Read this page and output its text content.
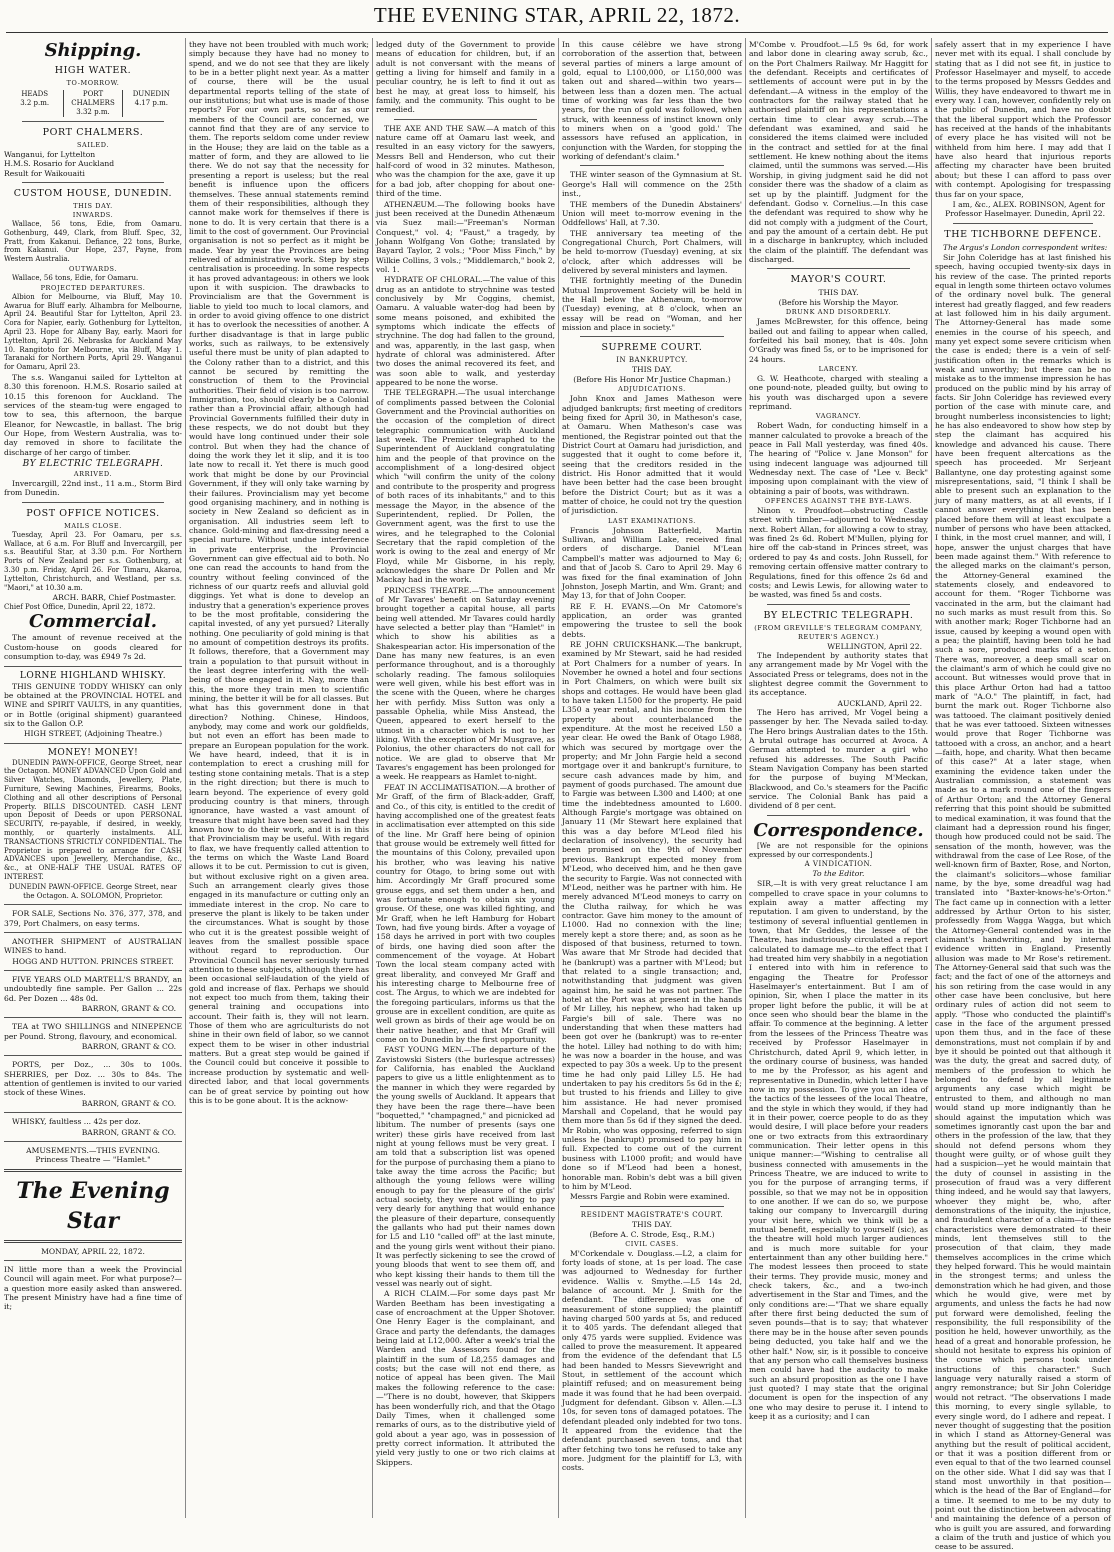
THE EVENING STAR, APRIL 22, 1872.
Shipping.
HIGH WATER.
TO-MORROW.
HEADS
3.2 p.m.
PORT CHALMERS
3.32 p.m.
DUNEDIN
4.17 p.m.
PORT CHALMERS.
SAILED.
Wanganui, for Lyttelton
H.M.S. Rosario for Auckland
Result for Waikouaiti
CUSTOM HOUSE, DUNEDIN.
THIS DAY.
INWARDS.
Wallace, 56 tons, Edie, from Oamaru. Gothenburg, 449, Clark, from Bluff. Spec, 32, Pratt, from Kakanui. Defiance, 22 tons, Burke, from Kakanui. Our Hope, 237, Payne, from Western Australia.
OUTWARDS.
Wallace, 56 tons, Edie, for Oamaru.
PROJECTED DEPARTURES.
Albion for Melbourne, via Bluff, May 10. Awarua for Bluff early. Alhambra for Melbourne, April 24. Beautiful Star for Lyttelton, April 23. Cora for Napier, early. Gothenburg for Lyttelton, April 23. Hope for Albany Bay, early. Maori for Lyttelton, April 26. Nebraska for Auckland May 10. Rangitoto for Melbourne, via Bluff, May 1. Taranaki for Northern Ports, April 29. Wanganui for Oamaru, April 23.
The s.s. Wanganui sailed for Lyttelton at 8.30 this forenoon. H.M.S. Rosario sailed at 10.15 this forenoon for Auckland. The services of the steam-tug were engaged to tow to sea, this afternoon, the barque Eleanor, for Newcastle, in ballast. The brig Our Hope, from Western Australia, was to-day removed in shore to facilitate the discharge of her cargo of timber.
BY ELECTRIC TELEGRAPH.
ARRIVED.
Invercargill, 22nd inst., 11 a.m., Storm Bird from Dunedin.
POST OFFICE NOTICES.
MAILS CLOSE.
Tuesday, April 23. For Oamaru, per s.s. Wallace, at 6 a.m. For Bluff and Invercargill, per s.s. Beautiful Star, at 3.30 p.m. For Northern Ports of New Zealand per s.s. Gothenburg, at 3.30 p.m. Friday, April 26. For Timaru, Akaroa, Lyttelton, Christchurch, and Westland, per s.s. "Maori," at 10.30 a.m.
ARCH. BARR, Chief Postmaster.
Chief Post Office, Dunedin, April 22, 1872.
Commercial.
The amount of revenue received at the Custom-house on goods cleared for consumption to-day, was £949 7s 2d.
LORNE HIGHLAND WHISKY.
THIS GENUINE TODDY WHISKY can only be obtained at the PROVINCIAL HOTEL and WINE and SPIRIT VAULTS, in any quantities, or in Bottle (original shipment) guaranteed six to the Gallon O.P.
HIGH STREET, (Adjoining Theatre.)
MONEY! MONEY!
DUNEDIN PAWN-OFFICE, George Street, near the Octagon. MONEY ADVANCED Upon Gold and Silver Watches, Diamonds, Jewellery, Plate, Furniture, Sewing Machines, Firearms, Books, Clothing and all other descriptions of Personal Property. BILLS DISCOUNTED. CASH LENT upon Deposit of Deeds or upon PERSONAL SECURITY, re-payable, if desired, in weekly, monthly, or quarterly instalments. ALL TRANSACTIONS STRICTLY CONFIDENTIAL. The Proprietor is prepared to arrange for CASH ADVANCES upon Jewellery, Merchandise, &c., &c., at ONE-HALF THE USUAL RATES OF INTEREST.
DUNEDIN PAWN-OFFICE. George Street, near the Octagon. A. SOLOMON, Proprietor.
FOR SALE, Sections No. 376, 377, 378, and 379, Port Chalmers, on easy terms.
ANOTHER SHIPMENT of AUSTRALIAN WINES to hand.
HOGG AND HUTTON. PRINCES STREET.
FIVE YEARS OLD MARTELL'S BRANDY, an undoubtedly fine sample. Per Gallon ... 22s 6d. Per Dozen ... 48s 0d.
BARRON, GRANT & CO.
TEA at TWO SHILLINGS and NINEPENCE per Pound. Strong, flavoury, and economical.
BARRON, GRANT & CO.
PORTS, per Doz., ... 30s to 100s. SHERRIES, per Doz. ... 30s to 84s. The attention of gentlemen is invited to our varied stock of these Wines.
BARRON, GRANT & CO.
WHISKY, faultless ... 42s per doz.
BARRON, GRANT & CO.
AMUSEMENTS.—THIS EVENING.
Princess Theatre — "Hamlet."
The Evening Star
MONDAY, APRIL 22, 1872.
IN little more than a week the Provincial Council will again meet. For what purpose?—a question more easily asked than answered. The present Ministry have had a fine time of it;
they have not been troubled with much work; simply because they have had no money to spend, and we do not see that they are likely to be in a better plight next year. As a matter of course, there will be the usual departmental reports telling of the state of our institutions; but what use is made of those reports? For our own parts, so far as our members of the Council are concerned, we cannot find that they are of any service to them. The reports seldom come under review in the House; they are laid on the table as a matter of form, and they are allowed to lie there. We do not say that the necessity for presenting a report is useless; but the real benefit is influence upon the officers themselves. These annual statements remind them of their responsibilities, although they cannot make work for themselves if there is none to do. It is very certain that there is a limit to the cost of government. Our Provincial organisation is not so perfect as it might be made. Year by year the Provinces are being relieved of administrative work. Step by step centralisation is proceeding. In some respects it has proved advantageous: in others we look upon it with suspicion. The drawbacks to Provincialism are that the Government is liable to yield too much to local clamors, and in order to avoid giving offence to one district it has to overlook the necessities of another. A further disadvantage is that in large public works, such as railways, to be extensively useful there must be unity of plan adapted to the Colony rather than to a district, and this cannot be secured by remitting the construction of them to the Provincial authorities. Their field of vision is too narrow. Immigration, too, should clearly be a Colonial rather than a Provincial affair, although had Provincial Governments fulfilled their duty in these respects, we do not doubt but they would have long continued under their sole control. But when they had the chance of doing the work they let it slip, and it is too late now to recall it. Yet there is much good work that might be done by our Provincial Government, if they will only take warning by their failures. Provincialism may yet become good organising machinery, and in nothing is society in New Zealand so deficient as in organisation. All industries seem left to chance. Gold-mining and flax-dressing need a special nurture. Without undue interference in private enterprise, the Provincial Government can give effectual aid to both. No one can read the accounts to hand from the country without feeling convinced of the richness of our quartz reefs and alluvial gold diggings. Yet what is done to develop an industry that a generation's experience proves to be the most profitable, considering the capital invested, of any yet pursued? Literally nothing. One peculiarity of gold mining is that no amount of competition destroys its profits. It follows, therefore, that a Government may train a population to that pursuit without in the least degree interfering with the well-being of those engaged in it. Nay, more than this, the more they train men to scientific mining, the better it will be for all classes. But what has this government done in that direction? Nothing. Chinese, Hindoos, anybody, may come and work our goldfields, but not even an effort has been made to prepare an European population for the work. We have heard, indeed, that it is in contemplation to erect a crushing mill for testing stone containing metals. That is a step in the right direction; but there is much to learn beyond. The experience of every gold producing country is that miners, through ignorance, have wasted a vast amount of treasure that might have been saved had they known how to do their work, and it is in this that Provincialism may be useful. With regard to flax, we have frequently called attention to the terms on which the Waste Land Board allows it to be cut. Permission to cut is given, but without exclusive right on a given area. Such an arrangement clearly gives those engaged in its manufacture or cutting only an immediate interest in the crop. No care to preserve the plant is likely to be taken under the circumstances. What is sought by those who cut it is the greatest possible weight of leaves from the smallest possible space without regard to reproduction. Our Provincial Council has never seriously turned attention to these subjects, although there has been occasional self-laudation of the yield of gold and increase of flax. Perhaps we should not expect too much from them, taking their general training and occupations into account. Their faith is, they will not learn. Those of them who are agriculturists do not shine in their own field of labor, so we cannot expect them to be wiser in other industrial matters. But a great step would be gained if the Council could but conceive it possible to increase production by systematic and well-directed labor, and that local governments can be of great service by pointing out how this is to be gone about. It is the acknow-
ledged duty of the Government to provide means of education for children, but, if an adult is not conversant with the means of getting a living for himself and family in a peculiar country, he is left to find it out as best he may, at great loss to himself, his family, and the community. This ought to be remedied.
THE AXE AND THE SAW.—A match of this nature came off at Oamaru last week, and resulted in an easy victory for the sawyers, Messrs Bell and Henderson, who cut their half-cord of wood in 32 minutes. Matheson, who was the champion for the axe, gave it up for a bad job, after chopping for about one-third of the time.
ATHENÆUM.—The following books have just been received at the Dunedin Athenæum via Suez mail:—"Freeman's Norman Conquest," vol. 4; "Faust," a tragedy, by Johann Wolfgang Von Gothe; translated by Bayard Taylor, 2 vols.; "Poor Miss Finch," by Wilkie Collins, 3 vols.; "Middlemarch," book 2, vol. 1.
HYDRATE OF CHLORAL.—The value of this drug as an antidote to strychnine was tested conclusively by Mr Coggins, chemist, Oamaru. A valuable water-dog had been by some means poisoned, and exhibited the symptoms which indicate the effects of strychnine. The dog had fallen to the ground, and was, apparently, in the last gasp, when hydrate of chloral was administered. After two doses the animal recovered its feet, and was soon able to walk, and yesterday appeared to be none the worse.
THE TELEGRAPH.—The usual interchange of compliments passed between the Colonial Government and the Provincial authorities on the occasion of the completion of direct telegraphic communication with Auckland last week. The Premier telegraphed to the Superintendent of Auckland congratulating him and the people of that province on the accomplishment of a long-desired object which "will confirm the unity of the colony and contribute to the prosperity and progress of both races of its inhabitants," and to this message the Mayor, in the absence of the Superintendent, replied. Dr Pollen, the Government agent, was the first to use the wires, and he telegraphed to the Colonial Secretary that the rapid completion of the work is owing to the zeal and energy of Mr Floyd, while Mr Gisborne, in his reply, acknowledges the share Dr Pollen and Mr Mackay had in the work.
PRINCESS THEATRE.—The announcement of Mr Tavares' benefit on Saturday evening brought together a capital house, all parts being well attended. Mr Tavares could hardly have selected a better play than "Hamlet" in which to show his abilities as a Shakespearian actor. His impersonation of the Dane has many new features, is an even performance throughout, and is a thoroughly scholarly reading. The famous soliloquies were well given, while his best effort was in the scene with the Queen, where he charges her with perfidy. Miss Sutton was only a passable Ophelia, while Miss Anstead, the Queen, appeared to exert herself to the utmost in a character which is not to her liking. With the exception of Mr Musgrave, as Polonius, the other characters do not call for notice. We are glad to observe that Mr Tavares's engagement has been prolonged for a week. He reappears as Hamlet to-night.
FEAT IN ACCLIMATISATION.—A brother of Mr Graff, of the firm of Black-adder, Graff, and Co., of this city, is entitled to the credit of having accomplished one of the greatest feats in acclimatisation ever attempted on this side of the line. Mr Graff here being of opinion that grouse would be extremely well fitted for the mountains of this Colony, prevailed upon his brother, who was leaving his native country for Otago, to bring some out with him. Accordingly Mr Graff procured some grouse eggs, and set them under a hen, and was fortunate enough to obtain six young grouse. Of these, one was killed fighting, and Mr Graff, when he left Hamburg for Hobart Town, had five young birds. After a voyage of 158 days he arrived in port with two couples of birds, one having died soon after the commencement of the voyage. At Hobart Town the local steam company acted with great liberality, and conveyed Mr Graff and his interesting charge to Melbourne free of cost. The Argus, to which we are indebted for the foregoing particulars, informs us that the grouse are in excellent condition, are quite as well grown as birds of their age would be on their native heather, and that Mr Graff will come on to Dunedin by the first opportunity.
FAST YOUNG MEN.—The departure of the Zavistowski Sisters (the burlesque actresses) for California, has enabled the Auckland papers to give us a little enlightenment as to the manner in which they were regarded by the young swells of Auckland. It appears that they have been the rage there—have been "boquetted," "champagned," and picnicked ad libitum. The number of presents (says one writer) these girls have received from last night at young fellows must be very great. I am told that a subscription list was opened for the purpose of purchasing them a piano to take away the time across the Pacific; but although the young fellows were willing enough to pay for the pleasure of the girls' actual society, they were not willing to pay very dearly for anything that would enhance the pleasure of their departure, consequently the gallants who had put their names down for L5 and L10 "called off" at the last minute, and the young girls went without their piano. It was perfectly sickening to see the crowd of young bloods that went to see them off, and who kept kissing their hands to them till the vessel was nearly out of sight.
A RICH CLAIM.—For some days past Mr Warden Beetham has been investigating a case of encroachment at the Upper Shotover. One Henry Eager is the complainant, and Grace and party the defendants, the damages being laid at L12,000. After a week's trial the Warden and the Assessors found for the plaintiff in the sum of L8,255 damages and costs; but the case will not end there, as notice of appeal has been given. The Mail makes the following reference to the case:—"There is no doubt, however, that Skippers has been wonderfully rich, and that the Otago Daily Times, when it challenged some remarks of ours, as to the distributive yield of gold about a year ago, was in possession of pretty correct information. It attributed the yield very justly to one or two rich claims at Skippers.
In this cause célèbre we have strong corroboration of the assertion that, between several parties of miners a large amount of gold, equal to L100,000, or L150,000 was taken out and shared—within two years—between less than a dozen men. The actual time of working was far less than the two years, for the run of gold was followed, when struck, with keenness of instinct known only to miners when on a 'good gold.' The assessors have refused an application, in conjunction with the Warden, for stopping the working of defendant's claim."
THE winter season of the Gymnasium at St. George's Hall will commence on the 25th inst.,
THE members of the Dunedin Abstainers' Union will meet to-morrow evening in the Oddfellows' Hall, at 7.30.
THE anniversary tea meeting of the Congregational Church, Port Chalmers, will be held to-morrow (Tuesday) evening, at six o'clock, after which addresses will be delivered by several ministers and laymen.
THE fortnightly meeting of the Dunedin Mutual Improvement Society will be held in the Hall below the Athenæum, to-morrow (Tuesday) evening, at 8 o'clock, when an essay will be read on "Woman, and her mission and place in society."
SUPREME COURT.
IN BANKRUPTCY.
THIS DAY.
(Before His Honor Mr Justice Chapman.)
ADJUDICATIONS.
John Knox and James Matheson were adjudged bankrupts; first meeting of creditors being fixed for April 30, in Matheson's case, at Oamaru. When Matheson's case was mentioned, the Registrar pointed out that the District Court at Oamaru had jurisdiction, and suggested that it ought to come before it, seeing that the creditors resided in the district. His Honor admitted that it would have been better had the case been brought before the District Court; but as it was a matter of choice, he could not try the question of jurisdiction.
LAST EXAMINATIONS.
Francis Johnson Batterfield, Martin Sullivan, and William Lake, received final orders of discharge. Daniel M'Lean Campbell's matter was adjourned to May 6; and that of Jacob S. Caro to April 29. May 6 was fixed for the final examination of John Johnston, Joseph Martin, and Wm. Grant; and May 13, for that of John Cooper.
RE F. H. EVANS.—On Mr Catomore's application, an order was granted empowering the trustee to sell the book debts.
RE JOHN CRUICKSHANK.—The bankrupt, examined by Mr Stewart, said he had resided at Port Chalmers for a number of years. In November he owned a hotel and four sections in Port Chalmers, on which were built six shops and cottages. He would have been glad to have taken L1500 for the property. He paid L350 a year rental, and his income from the property about counterbalanced the expenditure. At the most he received L50 a year clear. He owed the Bank of Otago L988, which was secured by mortgage over the property; and Mr John Fargie held a second mortgage over it and bankrupt's furniture, to secure cash advances made by him, and payment of goods purchased. The amount due to Fargie was between L300 and L400; at one time the indebtedness amounted to L600. Although Fargie's mortgage was obtained on January 11 (Mr Stewart here explained that this was a day before M'Leod filed his declaration of insolvency), the security had been promised on the 9th of November previous. Bankrupt expected money from M'Leod, who deceived him, and he then gave the security to Fargie. Was not connected with M'Leod, neither was he partner with him. He merely advanced M'Leod moneys to carry on the Clutha railway, for which he was contractor. Gave him money to the amount of L1000. Had no connexion with the line; merely kept a store there; and, as soon as he disposed of that business, returned to town. Was aware that Mr Strode had decided that he (bankrupt) was a partner with M'Leod; but that related to a single transaction; and, notwithstanding that judgment was given against him, he said he was not partner. The hotel at the Port was at present in the hands of Mr Lilley, his nephew, who had taken up Fargie's bill of sale. There was no understanding that when these matters had been got over he (bankrupt) was to re-enter the hotel. Lilley had nothing to do with him; he was now a boarder in the house, and was expected to pay 30s a week. Up to the present time he had only paid Lilley L5. He had undertaken to pay his creditors 5s 6d in the £; but trusted to his friends and Lilley to give him assistance. He had never promised Marshall and Copeland, that he would pay them more than 5s 6d if they signed the deed. Mr Robin, who was opposing, referred to sign unless he (bankrupt) promised to pay him in full. Expected to come out of the current business with L1000 profit; and would have done so if M'Leod had been a honest, honorable man. Robin's debt was a bill given to him by M'Leod.
Messrs Fargie and Robin were examined.
RESIDENT MAGISTRATE'S COURT.
THIS DAY.
(Before A. C. Strode, Esq., R.M.)
CIVIL CASES.
M'Corkendale v. Douglass.—L2, a claim for forty loads of stone, at 1s per load. The case was adjourned to Wednesday for further evidence. Wallis v. Smythe.—L5 14s 2d, balance of account. Mr J. Smith for the defendant. The difference was one of measurement of stone supplied; the plaintiff having charged 500 yards at 5s, and reduced it to 405 yards. The defendant alleged that only 475 yards were supplied. Evidence was called to prove the measurement. It appeared from the evidence of the defendant that L5 had been handed to Messrs Sievewright and Stout, in settlement of the account which plaintiff refused; and on measurement being made it was found that he had been overpaid. Judgment for defendant. Gibson v. Allen.—L3 10s, for seven tons of damaged potatoes. The defendant pleaded only indebted for two tons. It appeared from the evidence that the defendant purchased seven tons, and that after fetching two tons he refused to take any more. Judgment for the plaintiff for L3, with costs.
M'Combe v. Proudfoot.—L5 9s 6d, for work and labor done in clearing away scrub, &c., on the Port Chalmers Railway. Mr Haggitt for the defendant. Receipts and certificates of settlements of account were put in by the defendant.—A witness in the employ of the contractors for the railway stated that he authorised plaintiff on his representations a certain time to clear away scrub.—The defendant was examined, and said he considered the items claimed were included in the contract and settled for at the final settlement. He knew nothing about the items claimed, until the summons was served.—His Worship, in giving judgment said he did not consider there was the shadow of a claim as set up by the plaintiff. Judgment for the defendant. Godso v. Cornelius.—In this case the defendant was required to show why he did not comply with a judgment of the Court, and pay the amount of a certain debt. He put in a discharge in bankruptcy, which included the claim of the plaintiff. The defendant was discharged.
MAYOR'S COURT.
THIS DAY.
(Before his Worship the Mayor.
DRUNK AND DISORDERLY.
James McBrewster, for this offence, being bailed out and failing to appear when called, forfeited his bail money, that is 40s. John O'Grady was fined 5s, or to be imprisoned for 24 hours.
LARCENY.
G. W. Heathcote, charged with stealing a one pound-note, pleaded guilty, but owing to his youth was discharged upon a severe reprimand.
VAGRANCY.
Robert Wadn, for conducting himself in a manner calculated to provoke a breach of the peace in Fall Mall yesterday, was fined 40s. The hearing of "Police v. Jane Monson" for using indecent language was adjourned till Wednesday next. The case of "Lee v. Beck" imposing upon complainant with the view of obtaining a pair of boots, was withdrawn.
OFFENCES AGAINST THE BYE-LAWS.
Ninon v. Proudfoot—obstructing Castle street with timber—adjourned to Wednesday next. Robert Allan, for allowing a cow to stray, was fined 2s 6d. Robert M'Mullen, plying for hire off the cab-stand in Princes street, was ordered to pay 4s and costs. John Russell, for removing certain offensive matter contrary to Regulations, fined for this offence 2s 6d and costs; and Lewis Lewis, for allowing water to be wasted, was fined 5s and costs.
BY ELECTRIC TELEGRAPH.
(FROM GREVILLE'S TELEGRAM COMPANY, REUTER'S AGENCY.)
WELLINGTON, April 22.
The Independent by authority states that any arrangement made by Mr Vogel with the Associated Press or telegrams, does not in the slightest degree commit the Government to its acceptance.
AUCKLAND, April 22.
The Hero has arrived, Mr Vogel being a passenger by her. The Nevada sailed to-day. The Hero brings Australian dates to the 15th. A brutal outrage has occurred at Avoca. A German attempted to murder a girl who refused his addresses. The South Pacific Steam Navigation Company has been started for the purpose of buying M'Meckan, Blackwood, and Co.'s steamers for the Pacific service. The Colonial Bank has paid a dividend of 8 per cent.
Correspondence.
[We are not responsible for the opinions expressed by our correspondents.]
A VINDICATION.
To the Editor.
SIR,—It is with very great reluctance I am compelled to crave space in your columns to explain away a matter affecting my reputation. I am given to understand, by the testimony of several influential gentlemen in town, that Mr Geddes, the lessee of the Theatre, has industriously circulated a report calculated to damage me—to the effect that I had treated him very shabbily in a negotiation I entered into with him in reference to engaging the Theatre for Professor Haselmayer's entertainment. But I am of opinion, Sir, when I place the matter in its proper light before the public, it will be at once seen who should bear the blame in the affair. To commence at the beginning. A letter from the lessees of the Princess Theatre was received by Professor Haselmayer in Christchurch, dated April 9, which letter, in the ordinary course of business, was handed to me by the Professor, as his agent and representative in Dunedin, which letter I have now in my possession. To give you an idea of the tactics of the lessees of the local Theatre, and the style in which they would, if they had it in their power, coerce people to do as they would desire, I will place before your readers one or two extracts from this extraordinary communication. Their letter opens in this unique manner:—"Wishing to centralise all business connected with amusements in the Princess Theatre, we are induced to write to you for the purpose of arranging terms, if possible, so that we may not be in opposition to one another. If we can do so, we purpose taking our company to Invercargill during your visit here, which we think will be a mutual benefit, especially to yourself (sic), as the theatre will hold much larger audiences and is much more suitable for your entertainment than any other building here." The modest lessees then proceed to state their terms. They provide music, money and check takers, &c., and a two-inch advertisement in the Star and Times, and the only conditions are:—"That we share equally after there first being deducted the sum of seven pounds—that is to say; that whatever there may be in the house after seven pounds being deducted, you take half and we the other half." Now, sir, is it possible to conceive that any person who call themselves business men could have had the audacity to make such an absurd proposition as the one I have just quoted? I may state that the original document is open for the inspection of any one who may desire to peruse it. I intend to keep it as a curiosity; and I can
safely assert that in my experience I have never met with its equal. I shall conclude by stating that as I did not see fit, in justice to Professor Haselmayer and myself, to accede to the terms proposed by Messrs Geddes and Willis, they have endeavored to thwart me in every way. I can, however, confidently rely on the public of Dunedin, and have no doubt that the liberal support which the Professor has received at the hands of the inhabitants of every place he has visited will not be withheld from him here. I may add that I have also heard that injurious reports affecting my character have been bruited about; but these I can afford to pass over with contempt. Apologising for trespassing thus far on your space,
I am, &c., ALEX. ROBINSON, Agent for Professor Haselmayer. Dunedin, April 22.
THE TICHBORNE DEFENCE.
The Argus's London correspondent writes:
Sir John Coleridge has at last finished his speech, having occupied twenty-six days in his review of the case. The printed reports equal in length some thirteen octavo volumes of the ordinary novel bulk. The general interest had greatly flagged, and few readers at last followed him in his daily argument. The Attorney-General has made some enemies in the course of his speech, and many yet expect some severe criticism when the case is ended; there is a vein of self-justification often in the remarks which is weak and unworthy; but there can be no mistake as to the immense impression he has produced on the public mind by his array of facts. Sir John Coleridge has reviewed every portion of the case with minute care, and brought numberless inconsistencies to light; he has also endeavored to show how step by step the claimant has acquired his knowledge and advanced his cause. There have been frequent altercations as the speech has proceeded. Mr Serjeant Ballantyne, one day protesting against some misrepresentations, said, "I think I shall be able to present such an explanation to the jury of many matters, as at all events, if I cannot answer everything that has been placed before them will at least exculpate a number of persons who have been attacked, I think, in the most cruel manner, and will, I hope, answer the unjust charges that have been made against them." With reference to the alleged marks on the claimant's person, the Attorney-General examined the statements closely, and endeavored to account for them. "Roger Tichborne was vaccinated in the arm, but the claimant had no such marks as must result from this. So with another mark; Roger Tichborne had an issue, caused by keeping a wound open with a pea; the plaintiff, having been told he had such a sore, produced marks of a seton. There was, moreover, a deep small scar on the claimant's arm of which he could give no account. But witnesses would prove that in this place Arthur Orton had had a tattoo mark of "A.O." The plaintiff, in fact, had burnt the mark out. Roger Tichborne also was tattooed. The claimant positively denied that he was ever tattooed. Sixteen witnesses would prove that Roger Tichborne was tattooed with a cross, an anchor, and a heart—faith, hope, and charity. What then became of this case?" At a later stage, when examining the evidence taken under the Australian commission, a statement was made as to a mark round one of the fingers of Arthur Orton; and the Attorney General referring that this point should be submitted to medical examination, it was found that the claimant had a depression round his finger, though how produced could not be said. The sensation of the month, however, was the withdrawal from the case of Lee Rose, of the well-known firm of Baxter, Rose, and Norton, the claimant's solicitors—whose familiar name, by the bye, some dreadful wag had translated into "Baxter-knows-he's-Orton." The fact came up in connection with a letter addressed by Arthur Orton to his sister, professedly from Wagga Wagga, but which the Attorney-General contended was in the claimant's handwriting, and by internal evidence written in England. Presently allusion was made to Mr Rose's retirement. The Attorney-General said that such was the fact; and the fact of one of the attorneys and his son retiring from the case would in any other case have been conclusive, but here ordinary rules of action did not seem to apply. "Those who conducted the plaintiff's case in the face of the argument pressed upon them thus, and in the face of these demonstrations, must not complain if by and bye it should be pointed out that although it was the duty, the great and sacred duty, of members of the profession to which he belonged to defend by all legitimate arguments any case which might be entrusted to them, and although no man would stand up more indignantly than he should against the imputation which was sometimes ignorantly cast upon the bar and others in the profession of the law, that they should not defend persons whom they thought were guilty, or of whose guilt they had a suspicion—yet he would maintain that the duty of counsel in assisting in the prosecution of fraud was a very different thing indeed, and he would say that lawyers, whoever they might be, who, after demonstrations of the iniquity, the injustice, and fraudulent character of a claim—if these characteristics were demonstrated to their minds, lent themselves still to the prosecution of that claim, they made themselves accomplices in the crime which they helped forward. This he would maintain in the strongest terms; and unless the demonstration which he had given, and those which he would give, were met by arguments, and unless the facts he had now put forward were demolished, feeling the responsibility, the full responsibility of the position he held, however unworthily, as the head of a great and honorable profession, he should not hesitate to express his opinion of the course which persons took under instructions of this character." Such language very naturally raised a storm of angry remonstrance; but Sir John Coleridge would not retract. "The observations I made this morning, to every single syllable, to every single word, do I adhere and repeat. I never thought of suggesting that the position in which I stand as Attorney-General was anything but the result of political accident, or that it was a position different from or even equal to that of the two learned counsel on the other side. What I did say was that I stand most unworthily in that position—which is the head of the Bar of England—for a time. It seemed to me to be my duty to point out the distinction between advocating and maintaining the defence of a person of who is guilt you are assured, and forwarding a claim of the truth and justice of which you cease to be assured.
